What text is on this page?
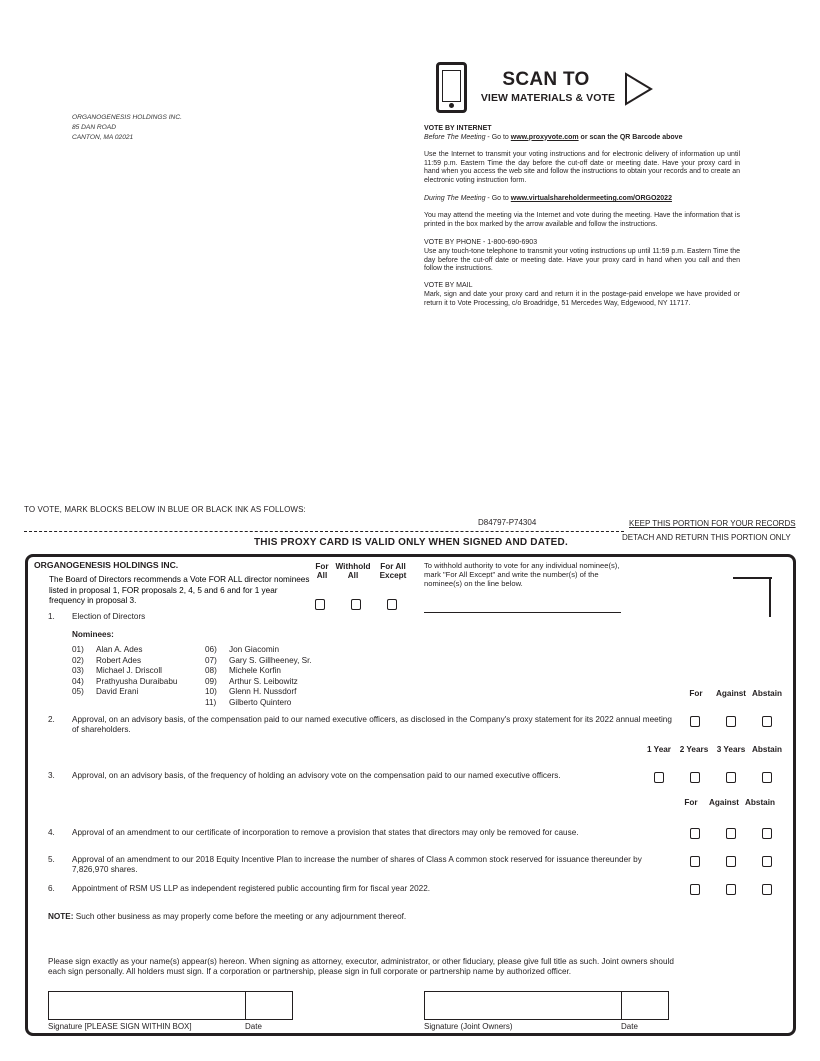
ORGANOGENESIS HOLDINGS INC.
85 DAN ROAD
CANTON, MA 02021
SCAN TO
VIEW MATERIALS & VOTE
VOTE BY INTERNET
Before The Meeting - Go to www.proxyvote.com or scan the QR Barcode above
Use the Internet to transmit your voting instructions and for electronic delivery of information up until 11:59 p.m. Eastern Time the day before the cut-off date or meeting date. Have your proxy card in hand when you access the web site and follow the instructions to obtain your records and to create an electronic voting instruction form.
During The Meeting - Go to www.virtualshareholdermeeting.com/ORGO2022
You may attend the meeting via the Internet and vote during the meeting. Have the information that is printed in the box marked by the arrow available and follow the instructions.
VOTE BY PHONE - 1-800-690-6903
Use any touch-tone telephone to transmit your voting instructions up until 11:59 p.m. Eastern Time the day before the cut-off date or meeting date. Have your proxy card in hand when you call and then follow the instructions.
VOTE BY MAIL
Mark, sign and date your proxy card and return it in the postage-paid envelope we have provided or return it to Vote Processing, c/o Broadridge, 51 Mercedes Way, Edgewood, NY 11717.
TO VOTE, MARK BLOCKS BELOW IN BLUE OR BLACK INK AS FOLLOWS:
D84797-P74304	KEEP THIS PORTION FOR YOUR RECORDS
DETACH AND RETURN THIS PORTION ONLY
THIS PROXY CARD IS VALID ONLY WHEN SIGNED AND DATED.
ORGANOGENESIS HOLDINGS INC.
The Board of Directors recommends a Vote FOR ALL director nominees listed in proposal 1, FOR proposals 2, 4, 5 and 6 and for 1 year frequency in proposal 3.
For All
Withhold All
For All Except
To withhold authority to vote for any individual nominee(s), mark "For All Except" and write the number(s) of the nominee(s) on the line below.
1. Election of Directors
Nominees:
01) Alan A. Ades
02) Robert Ades
03) Michael J. Driscoll
04) Prathyusha Duraibabu
05) David Erani
06) Jon Giacomin
07) Gary S. Gillheeney, Sr.
08) Michele Korfin
09) Arthur S. Leibowitz
10) Glenn H. Nussdorf
11) Gilberto Quintero
For	Against Abstain
2. Approval, on an advisory basis, of the compensation paid to our named executive officers, as disclosed in the Company's proxy statement for its 2022 annual meeting of shareholders.
1 Year	2 Years	3 Years Abstain
3. Approval, on an advisory basis, of the frequency of holding an advisory vote on the compensation paid to our named executive officers.
For	Against Abstain
4. Approval of an amendment to our certificate of incorporation to remove a provision that states that directors may only be removed for cause.
5. Approval of an amendment to our 2018 Equity Incentive Plan to increase the number of shares of Class A common stock reserved for issuance thereunder by 7,826,970 shares.
6. Appointment of RSM US LLP as independent registered public accounting firm for fiscal year 2022.
NOTE: Such other business as may properly come before the meeting or any adjournment thereof.
Please sign exactly as your name(s) appear(s) hereon. When signing as attorney, executor, administrator, or other fiduciary, please give full title as such. Joint owners should each sign personally. All holders must sign. If a corporation or partnership, please sign in full corporate or partnership name by authorized officer.
Signature [PLEASE SIGN WITHIN BOX]	Date	Signature (Joint Owners)	Date
